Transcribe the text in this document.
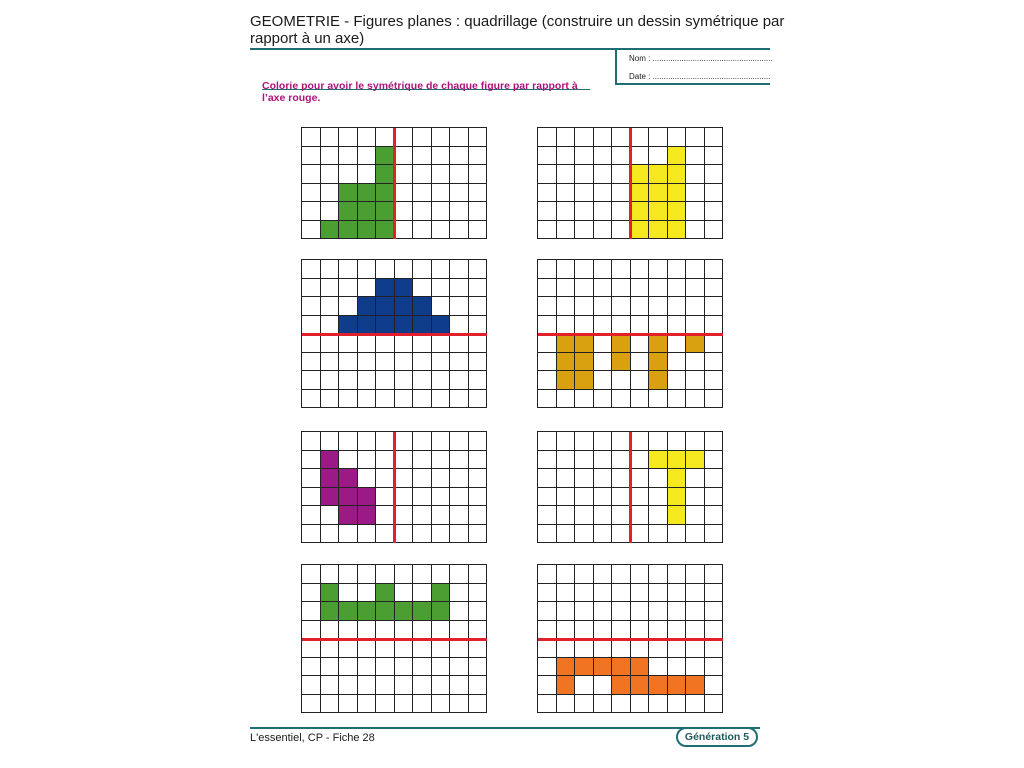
GEOMETRIE - Figures planes : quadrillage (construire un dessin symétrique par rapport à un axe)
Nom : ......................................................
Date : .....................................................

Colorie pour avoir le symétrique de chaque figure par rapport à l’axe rouge.

L'essentiel, CP - Fiche 28	Génération 5
